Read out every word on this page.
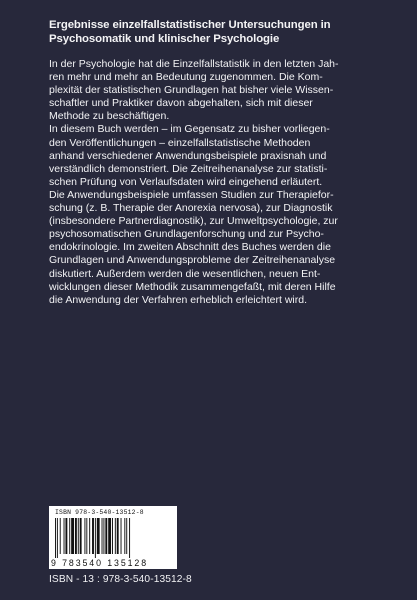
Ergebnisse einzelfallstatistischer Untersuchungen in
Psychosomatik und klinischer Psychologie

In der Psychologie hat die Einzelfallstatistik in den letzten Jah-

ren mehr und mehr an Bedeutung zugenommen. Die Kom-

plexität der statistischen Grundlagen hat bisher viele Wissen-

schaftler und Praktiker davon abgehalten, sich mit dieser

Methode zu beschäftigen.

In diesem Buch werden – im Gegensatz zu bisher vorliegen-

den Veröffentlichungen – einzelfallstatistische Methoden

anhand verschiedener Anwendungsbeispiele praxisnah und

verständlich demonstriert. Die Zeitreihenanalyse zur statisti-

schen Prüfung von Verlaufsdaten wird eingehend erläutert.

Die Anwendungsbeispiele umfassen Studien zur Therapiefor-

schung (z. B. Therapie der Anorexia nervosa), zur Diagnostik

(insbesondere Partnerdiagnostik), zur Umweltpsychologie, zur

psychosomatischen Grundlagenforschung und zur Psycho-

endokrinologie. Im zweiten Abschnitt des Buches werden die

Grundlagen und Anwendungsprobleme der Zeitreihenanalyse

diskutiert. Außerdem werden die wesentlichen, neuen Ent-

wicklungen dieser Methodik zusammengefaßt, mit deren Hilfe

die Anwendung der Verfahren erheblich erleichtert wird.

ISBN 978-3-540-13512-8
9 783540 135128
ISBN - 13 : 978-3-540-13512-8
